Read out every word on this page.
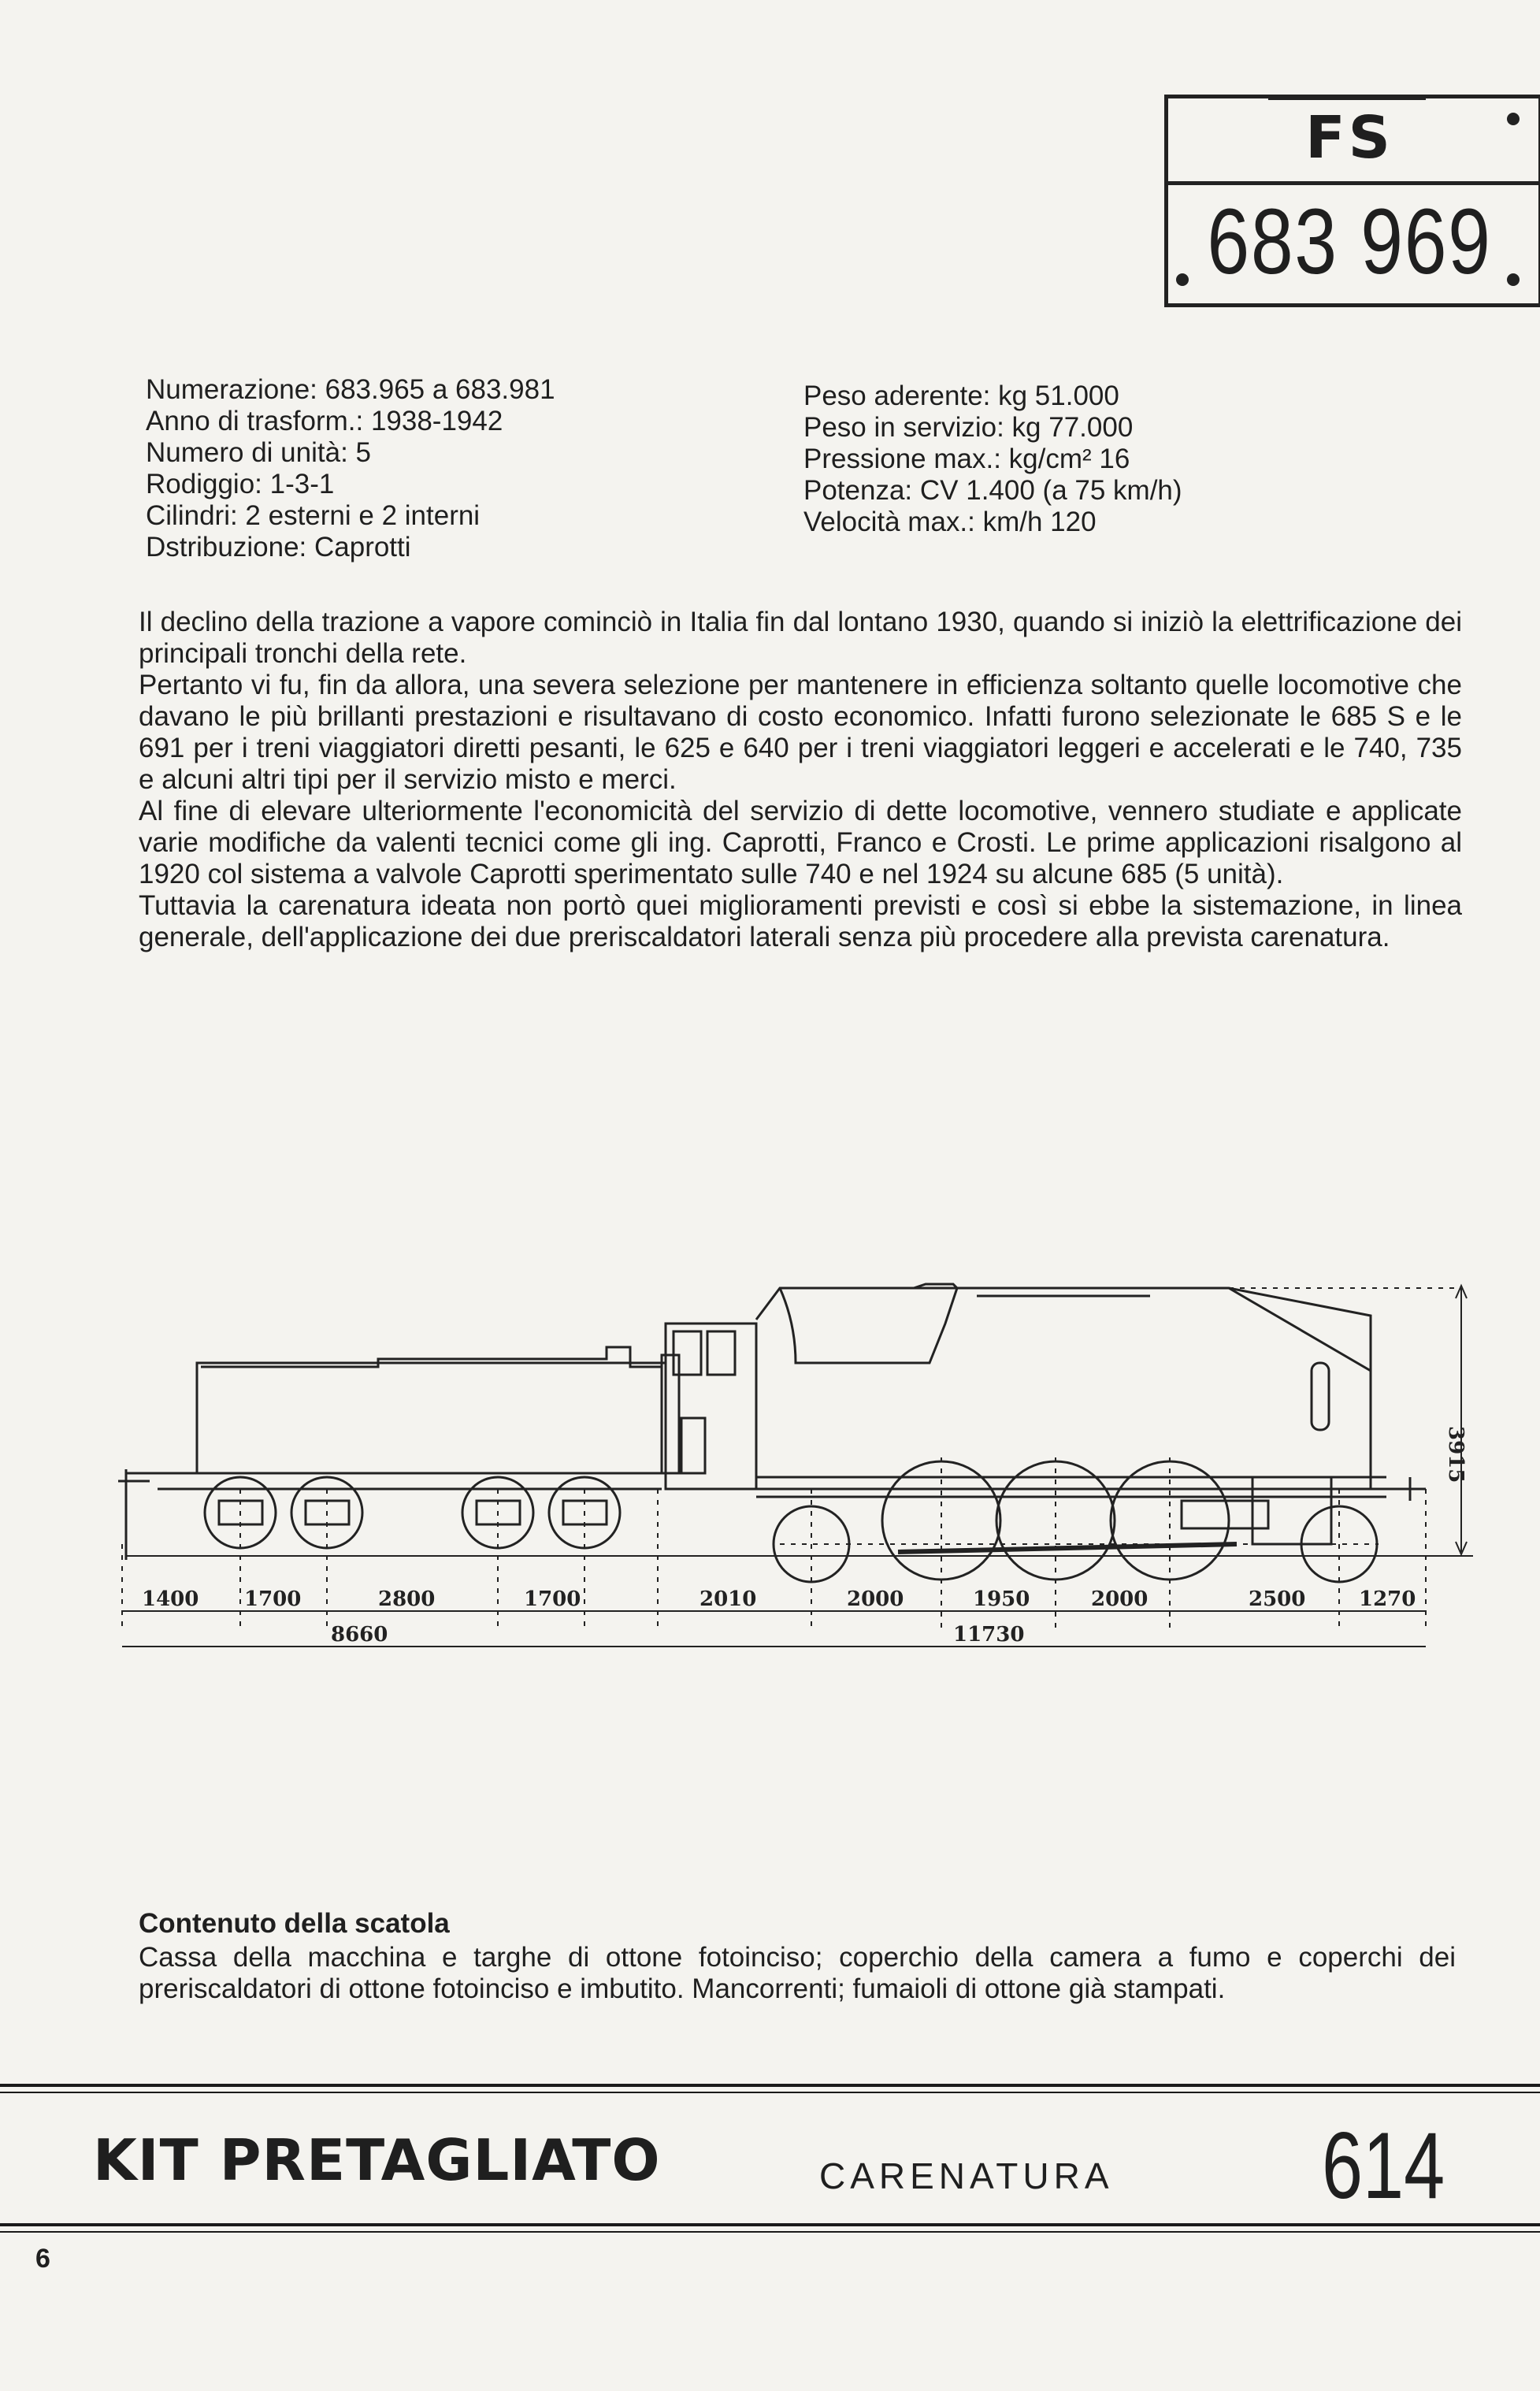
FS
683 969
Numerazione: 683.965 a 683.981
Anno di trasform.: 1938-1942
Numero di unità: 5
Rodiggio: 1-3-1
Cilindri: 2 esterni e 2 interni
Dstribuzione: Caprotti
Peso aderente: kg 51.000
Peso in servizio: kg 77.000
Pressione max.: kg/cm² 16
Potenza: CV 1.400 (a 75 km/h)
Velocità max.: km/h 120

Il declino della trazione a vapore cominciò in Italia fin dal lontano 1930, quando si iniziò la elettrificazione dei principali tronchi della rete.

Pertanto vi fu, fin da allora, una severa selezione per mantenere in efficienza soltanto quelle locomotive che davano le più brillanti prestazioni e risultavano di costo economico. Infatti furono selezionate le 685 S e le 691 per i treni viaggiatori diretti pesanti, le 625 e 640 per i treni viaggiatori leggeri e accelerati e le 740, 735 e alcuni altri tipi per il servizio misto e merci.

Al fine di elevare ulteriormente l'economicità del servizio di dette locomotive, vennero studiate e applicate varie modifiche da valenti tecnici come gli ing. Caprotti, Franco e Crosti. Le prime applicazioni risalgono al 1920 col sistema a valvole Caprotti sperimentato sulle 740 e nel 1924 su alcune 685 (5 unità).

Tuttavia la carenatura ideata non portò quei miglioramenti previsti e così si ebbe la sistemazione, in linea generale, dell'applicazione dei due preriscaldatori laterali senza più procedere alla prevista carenatura.

3915
1400 1700	2800	1700	2010	2000	1950	2000	2500	1270
8660	11730
Contenuto della scatola
Cassa della macchina e targhe di ottone fotoinciso; coperchio della camera a fumo e coperchi dei preriscaldatori di ottone fotoinciso e imbutito. Mancorrenti; fumaioli di ottone già stampati.
KIT PRETAGLIATO	CARENATURA 614
6
